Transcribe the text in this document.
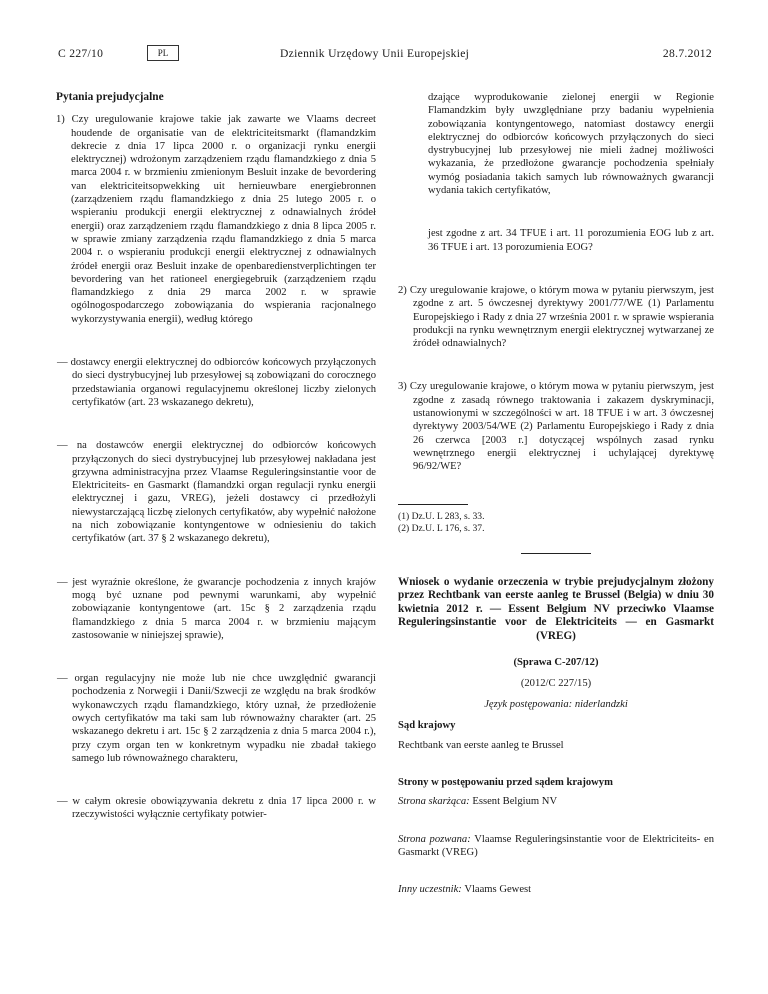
C 227/10	PL	Dziennik Urzędowy Unii Europejskiej	28.7.2012
Pytania prejudycjalne

1) Czy uregulowanie krajowe takie jak zawarte we Vlaams decreet houdende de organisatie van de elektriciteitsmarkt (flamandzkim dekrecie z dnia 17 lipca 2000 r. o organizacji rynku energii elektrycznej) wdrożonym zarządzeniem rządu flamandzkiego z dnia 5 marca 2004 r. w brzmieniu zmienionym Besluit inzake de bevordering van elektriciteitsopwekking uit hernieuwbare energiebronnen (zarządzeniem rządu flamandzkiego z dnia 25 lutego 2005 r. o wspieraniu produkcji energii elektrycznej z odnawialnych źródeł energii) oraz zarządzeniem rządu flamandzkiego z dnia 8 lipca 2005 r. w sprawie zmiany zarządzenia rządu flamandzkiego z dnia 5 marca 2004 r. o wspieraniu produkcji energii elektrycznej z odnawialnych źródeł energii oraz Besluit inzake de openbaredienstverplichtingen ter bevordering van het rationeel energiegebruik (zarządzeniem rządu flamandzkiego z dnia 29 marca 2002 r. w sprawie ogólnogospodarczego zobowiązania do wspierania racjonalnego wykorzystywania energii), według którego

— dostawcy energii elektrycznej do odbiorców końcowych przyłączonych do sieci dystrybucyjnej lub przesyłowej są zobowiązani do corocznego przedstawiania organowi regulacyjnemu określonej liczby zielonych certyfikatów (art. 23 wskazanego dekretu),

— na dostawców energii elektrycznej do odbiorców końcowych przyłączonych do sieci dystrybucyjnej lub przesyłowej nakładana jest grzywna administracyjna przez Vlaamse Reguleringsinstantie voor de Elektriciteits- en Gasmarkt (flamandzki organ regulacji rynku energii elektrycznej i gazu, VREG), jeżeli dostawcy ci przedłożyli niewystarczającą liczbę zielonych certyfikatów, aby wypełnić nałożone na nich zobowiązanie kontyngentowe w odniesieniu do takich certyfikatów (art. 37 § 2 wskazanego dekretu),

— jest wyraźnie określone, że gwarancje pochodzenia z innych krajów mogą być uznane pod pewnymi warunkami, aby wypełnić zobowiązanie kontyngentowe (art. 15c § 2 zarządzenia rządu flamandzkiego z dnia 5 marca 2004 r. w brzmieniu mającym zastosowanie w niniejszej sprawie),

— organ regulacyjny nie może lub nie chce uwzględnić gwarancji pochodzenia z Norwegii i Danii/Szwecji ze względu na brak środków wykonawczych rządu flamandzkiego, który uznał, że przedłożenie owych certyfikatów ma taki sam lub równoważny charakter (art. 25 wskazanego dekretu i art. 15c § 2 zarządzenia z dnia 5 marca 2004 r.), przy czym organ ten w konkretnym wypadku nie zbadał takiego samego lub równoważnego charakteru,

— w całym okresie obowiązywania dekretu z dnia 17 lipca 2000 r. w rzeczywistości wyłącznie certyfikaty potwier-

dzające wyprodukowanie zielonej energii w Regionie Flamandzkim były uwzględniane przy badaniu wypełnienia zobowiązania kontyngentowego, natomiast dostawcy energii elektrycznej do odbiorców końcowych przyłączonych do sieci dystrybucyjnej lub przesyłowej nie mieli żadnej możliwości wykazania, że przedłożone gwarancje pochodzenia spełniały wymóg posiadania takich samych lub równoważnych gwarancji wydania takich certyfikatów,

jest zgodne z art. 34 TFUE i art. 11 porozumienia EOG lub z art. 36 TFUE i art. 13 porozumienia EOG?

2) Czy uregulowanie krajowe, o którym mowa w pytaniu pierwszym, jest zgodne z art. 5 ówczesnej dyrektywy 2001/77/WE (1) Parlamentu Europejskiego i Rady z dnia 27 września 2001 r. w sprawie wspierania produkcji na rynku wewnętrznym energii elektrycznej wytwarzanej ze źródeł odnawialnych?

3) Czy uregulowanie krajowe, o którym mowa w pytaniu pierwszym, jest zgodne z zasadą równego traktowania i zakazem dyskryminacji, ustanowionymi w szczególności w art. 18 TFUE i w art. 3 ówczesnej dyrektywy 2003/54/WE (2) Parlamentu Europejskiego i Rady z dnia 26 czerwca [2003 r.] dotyczącej wspólnych zasad rynku wewnętrznego energii elektrycznej i uchylającej dyrektywę 96/92/WE?

(1) Dz.U. L 283, s. 33.
(2) Dz.U. L 176, s. 37.

Wniosek o wydanie orzeczenia w trybie prejudycjalnym złożony przez Rechtbank van eerste aanleg te Brussel (Belgia) w dniu 30 kwietnia 2012 r. — Essent Belgium NV przeciwko Vlaamse Reguleringsinstantie voor de Elektriciteits — en Gasmarkt (VREG)

(Sprawa C-207/12)

(2012/C 227/15)

Język postępowania: niderlandzki

Sąd krajowy

Rechtbank van eerste aanleg te Brussel

Strony w postępowaniu przed sądem krajowym

Strona skarżąca: Essent Belgium NV

Strona pozwana: Vlaamse Reguleringsinstantie voor de Elektriciteits- en Gasmarkt (VREG)

Inny uczestnik: Vlaams Gewest
